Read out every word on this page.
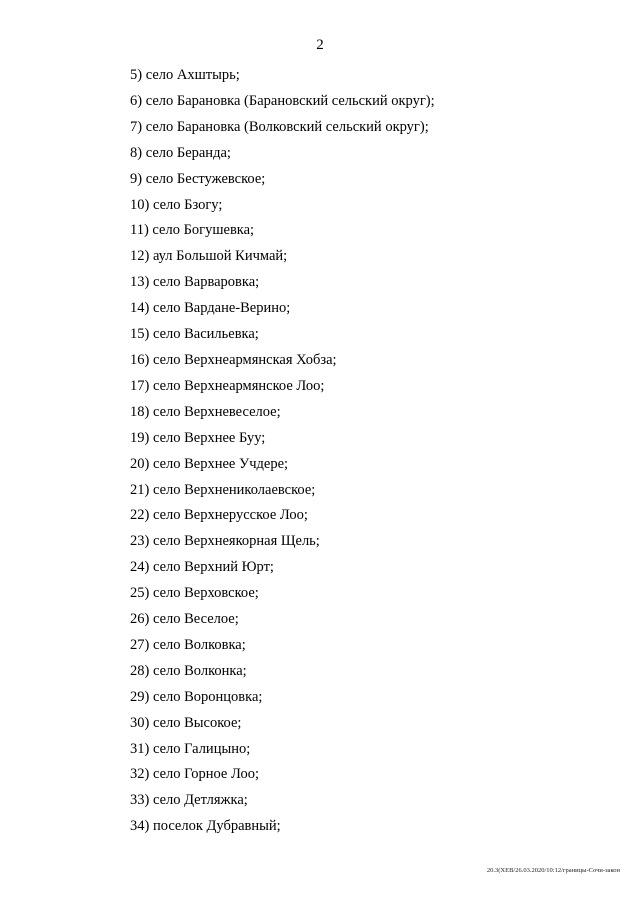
2
5) село Ахштырь;
6) село Барановка (Барановский сельский округ);
7) село Барановка (Волковский сельский округ);
8) село Беранда;
9) село Бестужевское;
10) село Бзогу;
11) село Богушевка;
12) аул Большой Кичмай;
13) село Варваровка;
14) село Вардане-Верино;
15) село Васильевка;
16) село Верхнеармянская Хобза;
17) село Верхнеармянское Лоо;
18) село Верхневеселое;
19) село Верхнее Буу;
20) село Верхнее Учдере;
21) село Верхнениколаевское;
22) село Верхнерусское Лоо;
23) село Верхнеякорная Щель;
24) село Верхний Юрт;
25) село Верховское;
26) село Веселое;
27) село Волковка;
28) село Волконка;
29) село Воронцовка;
30) село Высокое;
31) село Галицыно;
32) село Горное Лоо;
33) село Детляжка;
34) поселок Дубравный;
20.3(XEB/26.03.2020/10:12/границы-Сочи-закон
